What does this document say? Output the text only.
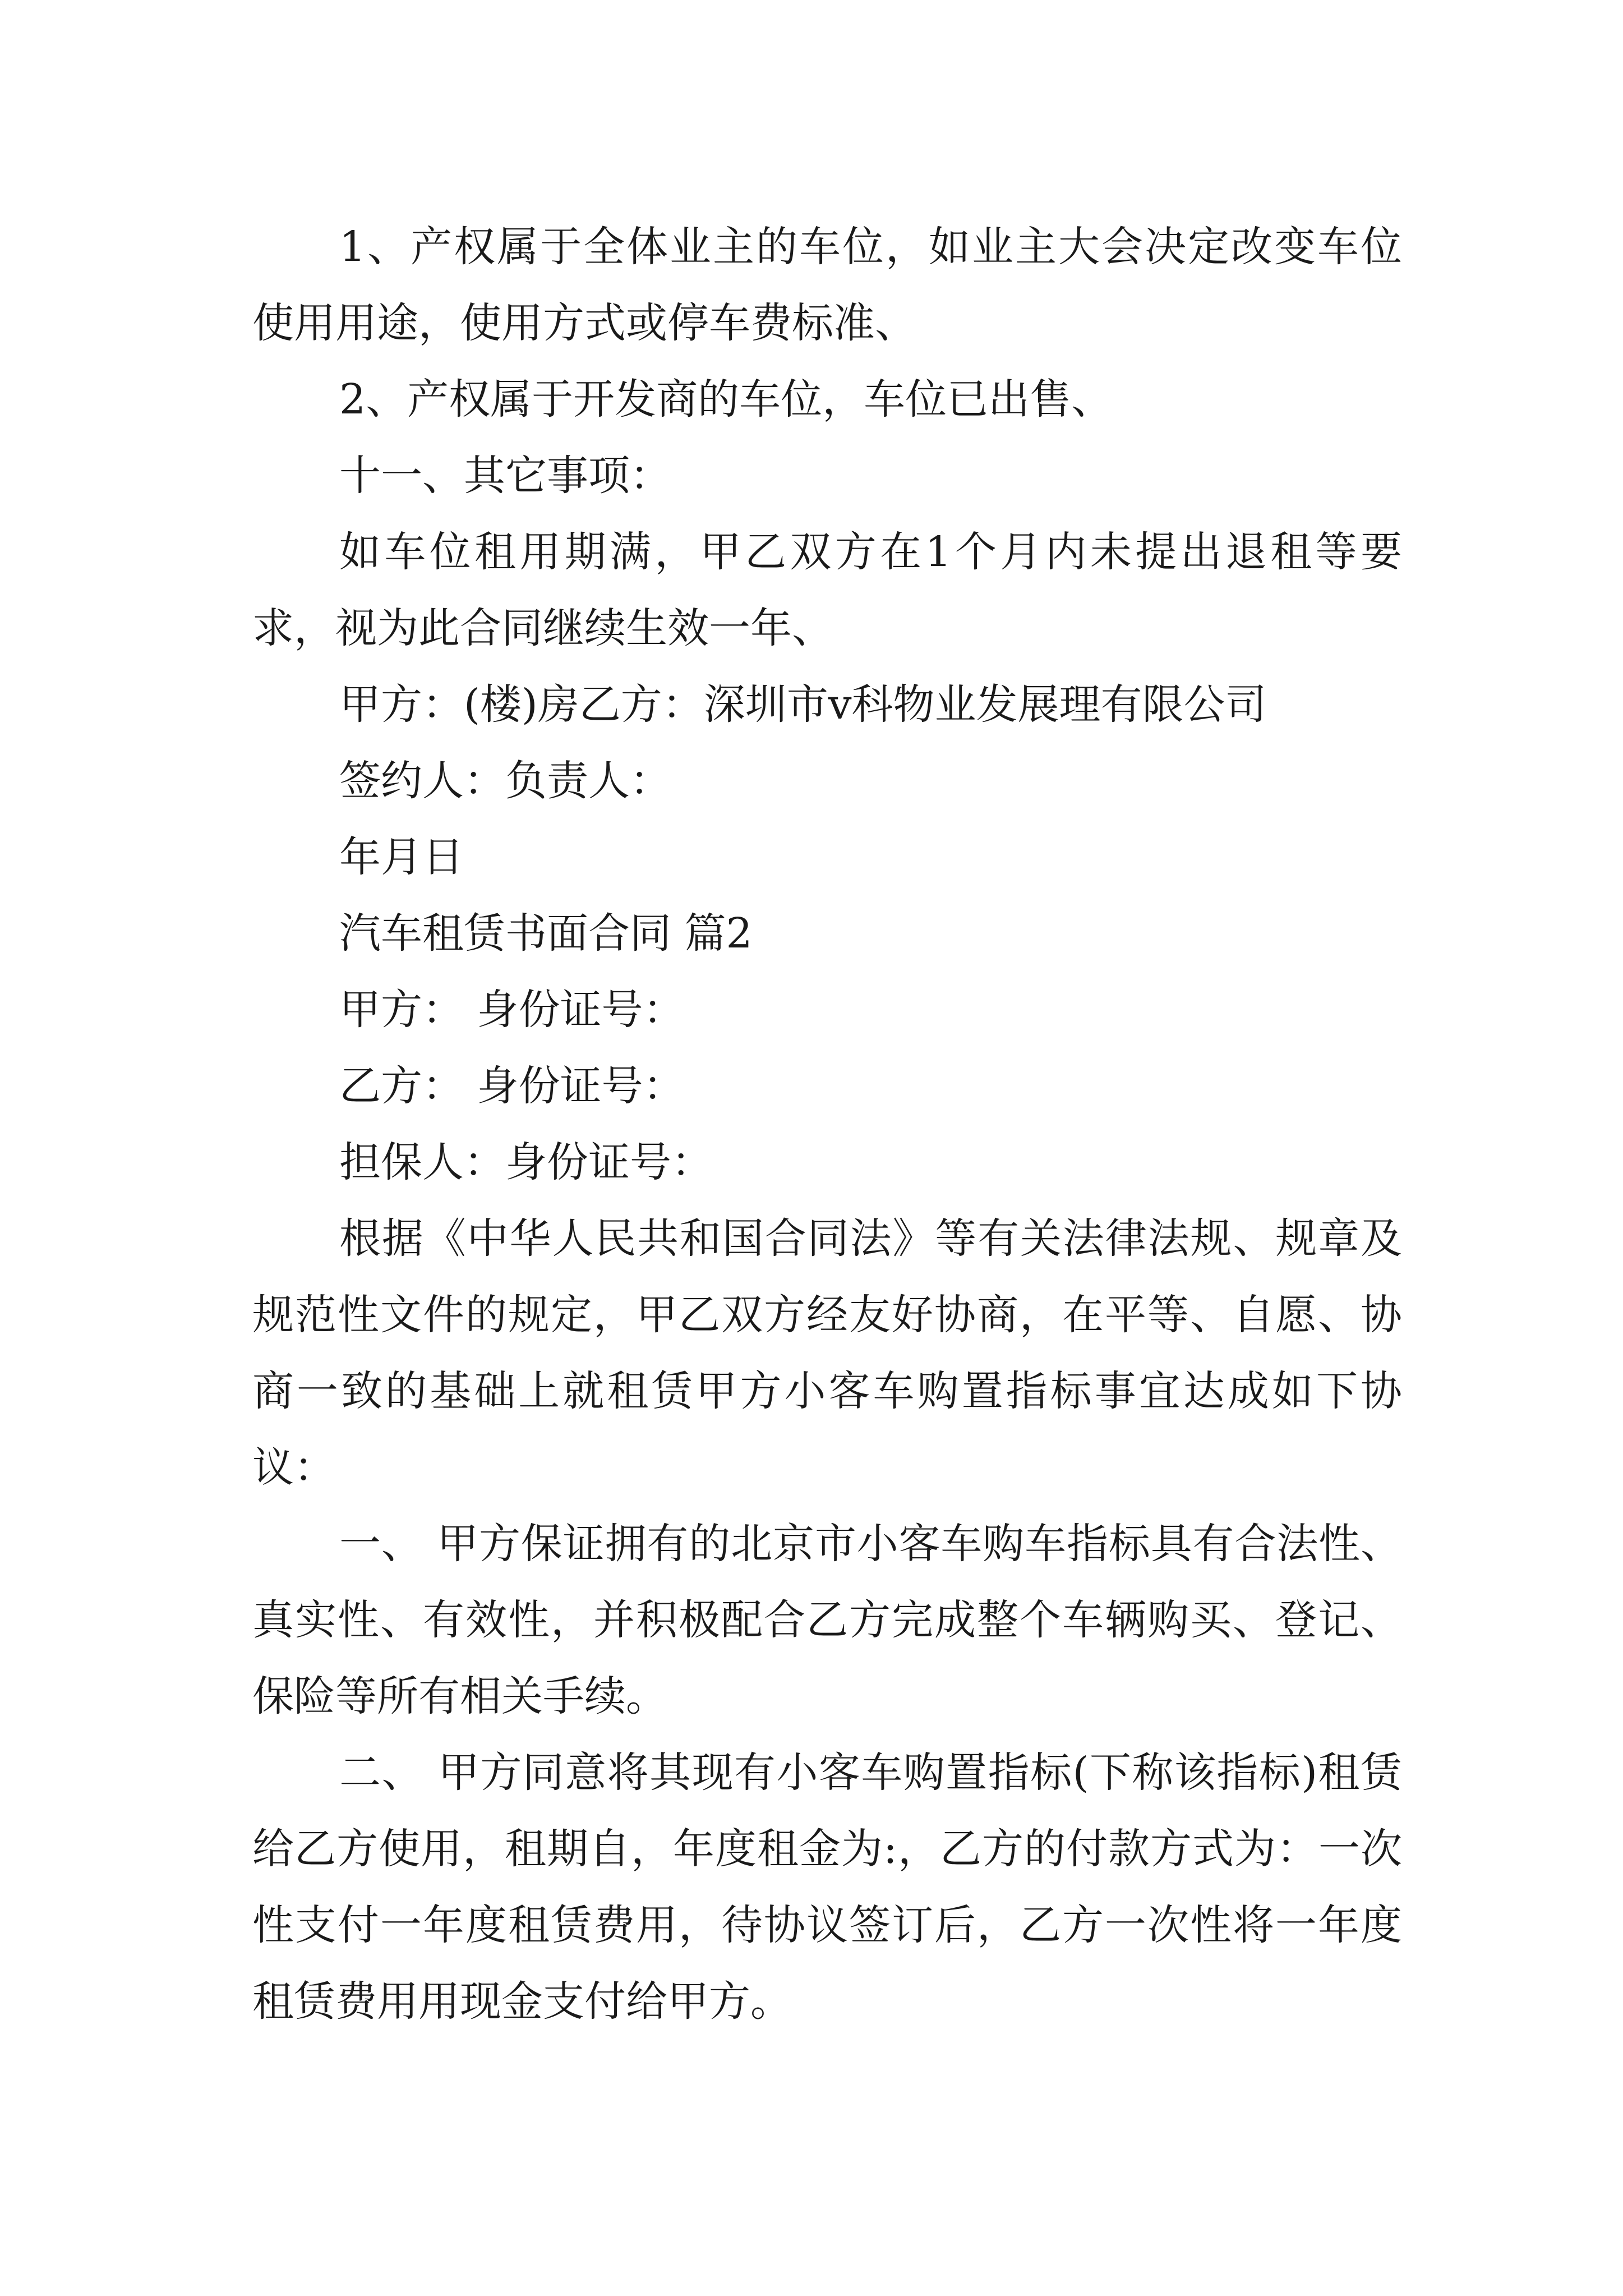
1、产权属于全体业主的车位，如业主大会决定改变车位使用用途，使用方式或停车费标准、

2、产权属于开发商的车位，车位已出售、

十一、其它事项：

如车位租用期满，甲乙双方在1个月内未提出退租等要求，视为此合同继续生效一年、

甲方：(楼)房乙方：深圳市v科物业发展理有限公司

签约人：负责人：

年月日

汽车租赁书面合同 篇2

甲方： 身份证号：

乙方： 身份证号：

担保人：身份证号：

根据《中华人民共和国合同法》等有关法律法规、规章及规范性文件的规定，甲乙双方经友好协商，在平等、自愿、协商一致的基础上就租赁甲方小客车购置指标事宜达成如下协议：

一、 甲方保证拥有的北京市小客车购车指标具有合法性、真实性、有效性，并积极配合乙方完成整个车辆购买、登记、保险等所有相关手续。

二、 甲方同意将其现有小客车购置指标(下称该指标)租赁给乙方使用，租期自，年度租金为:，乙方的付款方式为：一次性支付一年度租赁费用，待协议签订后，乙方一次性将一年度租赁费用用现金支付给甲方。
